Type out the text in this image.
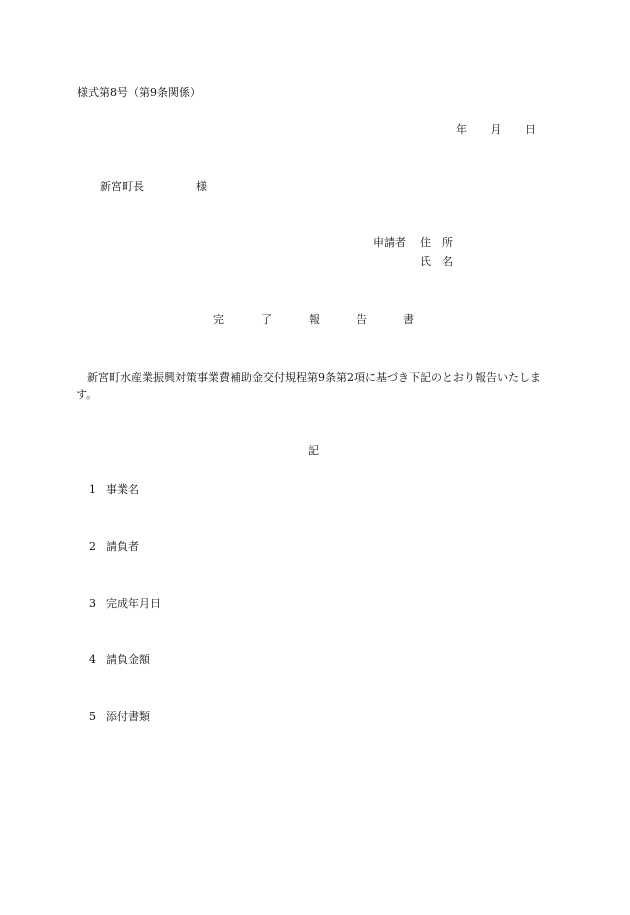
様式第8号（第9条関係）
年 月 日
新宮町長	様
申請者 住　所
氏　名
完	了	報	告	書
新宮町水産業振興対策事業費補助金交付規程第9条第2項に基づき下記のとおり報告いたします。
記
1 事業名
2 請負者
3 完成年月日
4 請負金額
5 添付書類
